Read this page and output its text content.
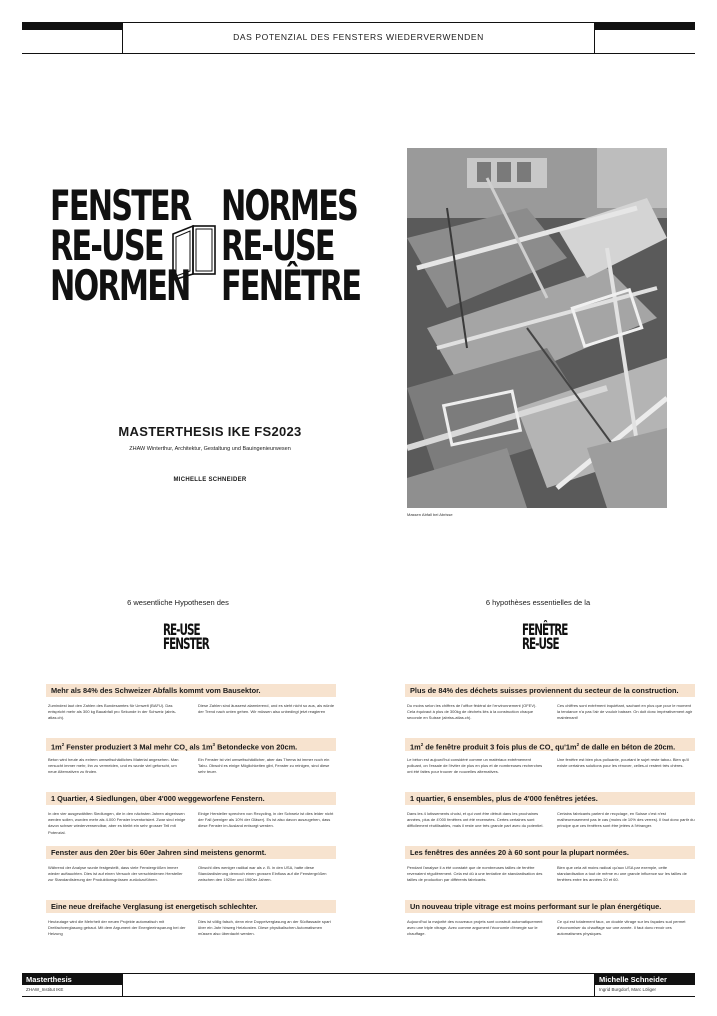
DAS POTENZIAL DES FENSTERS WIEDERVERWENDEN
FENSTER
RE-USE
NORMEN
NORMES
RE-USE
FENÊTRE
MASTERTHESIS IKE FS2023
ZHAW Winterthur, Architektur, Gestaltung und Bauingenieurwesen
MICHELLE SCHNEIDER
Massen Abfall bei Abrisse
6 wesentliche Hypothesen des	6 hypothèses essentielles de la
RE-USE
FENSTER
FENÊTRE
RE-USE
Mehr als 84% des Schweizer Abfalls kommt vom Bausektor.

Zumindest laut den Zahlen des Bundesamtes für Umwelt (BAFU). Das entspricht mehr als 300 kg Bauabfall pro Sekunde in der Schweiz (abris-atlas.ch).

Diese Zahlen sind äusserst alarmierend, und es sieht nicht so aus, als würde der Trend nach unten gehen. Wir müssen also unbedingt jetzt reagieren

$1m^2$ Fenster produziert 3 Mal mehr $CO_2$ als $1m^3$ Betondecke von 20cm.

Beton wird heute als extrem umweltschädliches Material angesehen. Man versucht immer mehr, ihn zu vermeiden, und es wurde viel geforscht, um neue Alternativen zu finden.

Ein Fenster ist viel umweltschädlicher, aber das Thema ist immer noch ein Tabu. Obwohl es einige Möglichkeiten gibt, Fenster zu reinigen, sind diese sehr teuer.

1 Quartier, 4 Siedlungen, über 4'000 weggeworfene Fenstern.

In den vier ausgewählten Siedlungen, die in den nächsten Jahren abgerissen werden sollen, wurden mehr als 4.000 Fenster inventorisiert. Zwar sind einige davon schwer wiederverwendbar, aber es bleibt ein sehr grosser Teil mit Potenzial.

Einige Hersteller sprechen von Recycling, in der Schweiz ist dies leider nicht der Fall (weniger als 10% der Gläser). Es ist also davon auszugehen, dass diese Fenster im Ausland entsorgt werden.

Fenster aus den 20er bis 60er Jahren sind meistens genormt.

Während der Analyse wurde festgestellt, dass viele Fenstergrößen immer wieder auftauchten. Dies ist auf einen Versuch der verschiedenen Hersteller zur Standardisierung der Produktionsgrössen zurückzuführen.

Obwohl dies weniger radikal war als z. B. in den USA, hatte diese Standardisierung dennoch einen grossen Einfluss auf die Fenstergrößen zwischen den 1920er und 1960er Jahren.

Eine neue dreifache Verglasung ist energetisch schlechter.

Heutzutage wird die Mehrheit der neuen Projekte automatisch mit Dreifachverglasung gebaut. Mit dem Argument der Energieeinsparung bei der Heizung

Dies ist völlig falsch, denn eine Doppelverglasung an der Südfassade spart über ein Jahr hinweg Heizkosten. Diese physikalischen Automatismen müssen also überdacht werden.

Plus de 84% des déchets suisses proviennent du secteur de la construction.

Du moins selon les chiffres de l'office fédéral de l'environnement (OFEV). Cela équivaut à plus de 300kg de déchets liés à la construction chaque seconde en Suisse (abriss-atlas.ch).

Ces chiffres sont extrêment inquiétant, sachant en plus que pour le moment la tendance n'a pas l'air de vouloir baisser. On doit donc impérativement agir maintenant!

$1m^2$ de fenêtre produit 3 fois plus de $CO_2$ $qu'1m^2$ de dalle en béton de 20cm.

Le béton est aujourd'hui considéré comme un matériaux extrêmement polluant, on l'essaie de l'éviter de plus en plus et de nombreuses recherches ont été faites pour trouver de nouvelles alternatives.

Une fenêtre est bien plus polluante, pourtant le sujet reste tabou. Bien qu'il existe certaines solutions pour les rénover, celles-ci restent très chères.

1 quartier, 6 ensembles, plus de 4'000 fenêtres jetées.

Dans les 4 lotissements choisi, et qui vont être détruit dans les prochaines années, plus de 4'000 fenêtres ont été recensées. Certes certaines sont difficilement réutilisables, mais il reste une très grande part avec du potentiel.

Certains fabricants parlent de recyclage, en Suisse c'est n'est malheureusement pas le cas (moins de 10% des verres). Il faut donc partir du principe que ces fenêtres sont être jetées à l'étranger.

Les fenêtres des années 20 à 60 sont pour la plupart normées.

Pendant l'analyse il a été constaté que de nombreuses tailles de fenêtre revenaient régulièrement. Cela est dû à une tentative de standardisation des tailles de production par différents fabricants.

Bien que cela ait moins radical qu'aux USA par exemple, cette standardisation a tout de même eu une grande influence sur les tailles de fenêtres entre les années 20 et 60.

Un nouveau triple vitrage est moins performant sur le plan énergétique.

Aujourd'hui la majorité des nouveaux projets sont construit automatiquement avec une triple vitrage. Avec comme argument l'économie d'énergie sur le chauffage.

Ce qui est totalement faux, un double vitrage sur les façades sud permet d'économiser du chauffage sur une année. Il faut donc revoir ces automatismes physiques.

Masterthesis	Michelle Schneider
ZHAW_Institut IKE	Ingrid Burgdorf, Marc Löliger
